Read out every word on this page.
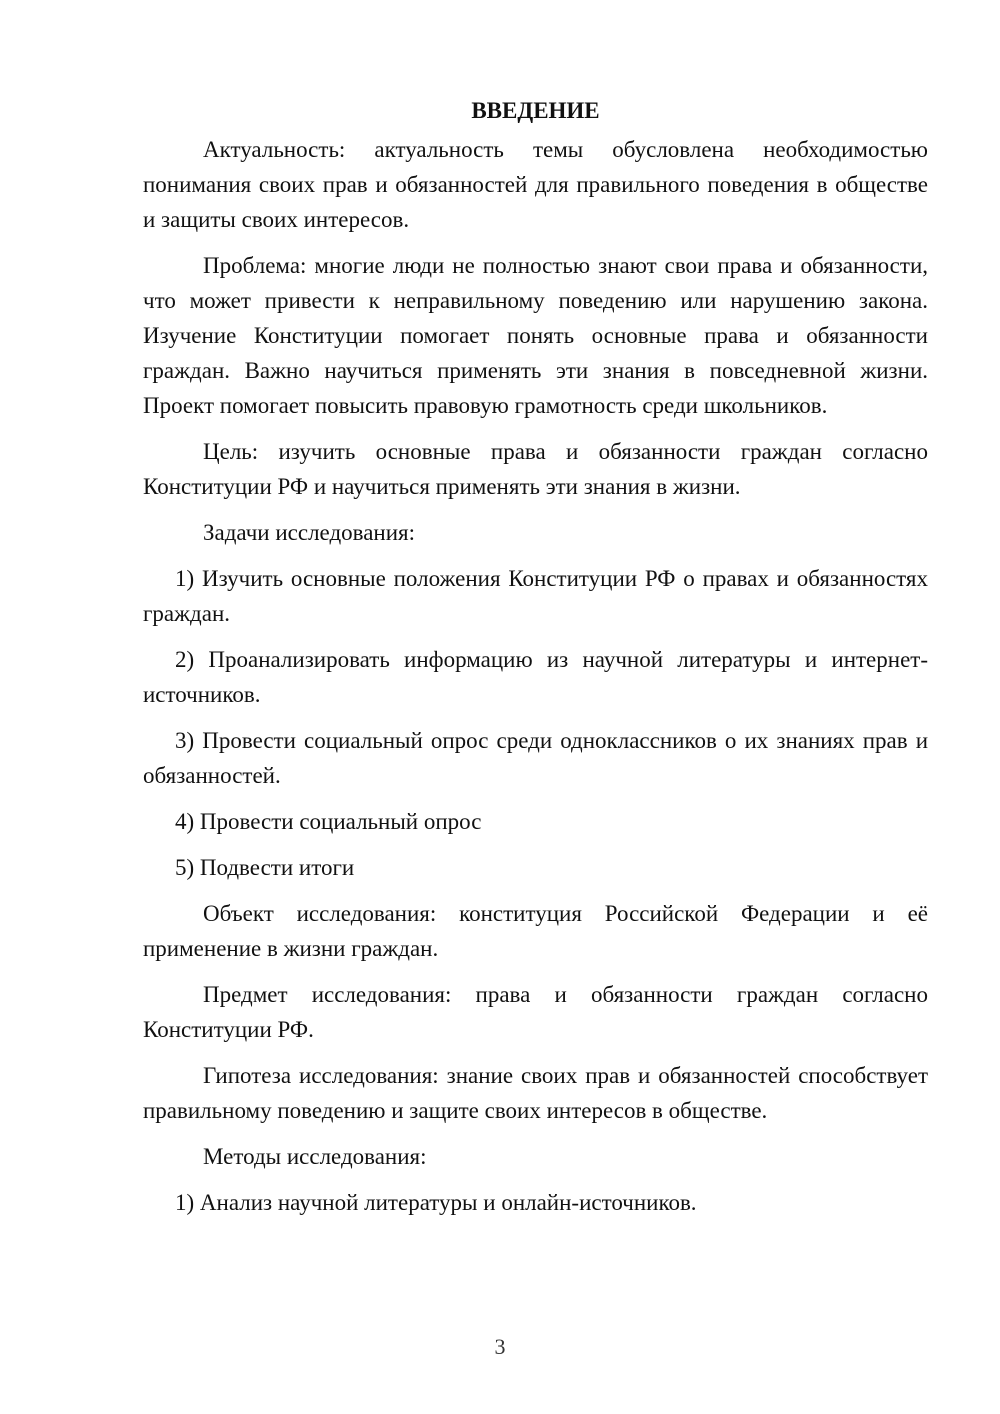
ВВЕДЕНИЕ

Актуальность: актуальность темы обусловлена необходимостью понимания своих прав и обязанностей для правильного поведения в обществе и защиты своих интересов.

Проблема: многие люди не полностью знают свои права и обязанности, что может привести к неправильному поведению или нарушению закона. Изучение Конституции помогает понять основные права и обязанности граждан. Важно научиться применять эти знания в повседневной жизни. Проект помогает повысить правовую грамотность среди школьников.

Цель: изучить основные права и обязанности граждан согласно Конституции РФ и научиться применять эти знания в жизни.

Задачи исследования:

1) Изучить основные положения Конституции РФ о правах и обязанностях граждан.

2) Проанализировать информацию из научной литературы и интернет-источников.

3) Провести социальный опрос среди одноклассников о их знаниях прав и обязанностей.

4) Провести социальный опрос

5) Подвести итоги

Объект исследования: конституция Российской Федерации и её применение в жизни граждан.

Предмет исследования: права и обязанности граждан согласно Конституции РФ.

Гипотеза исследования: знание своих прав и обязанностей способствует правильному поведению и защите своих интересов в обществе.

Методы исследования:

1) Анализ научной литературы и онлайн-источников.

3
